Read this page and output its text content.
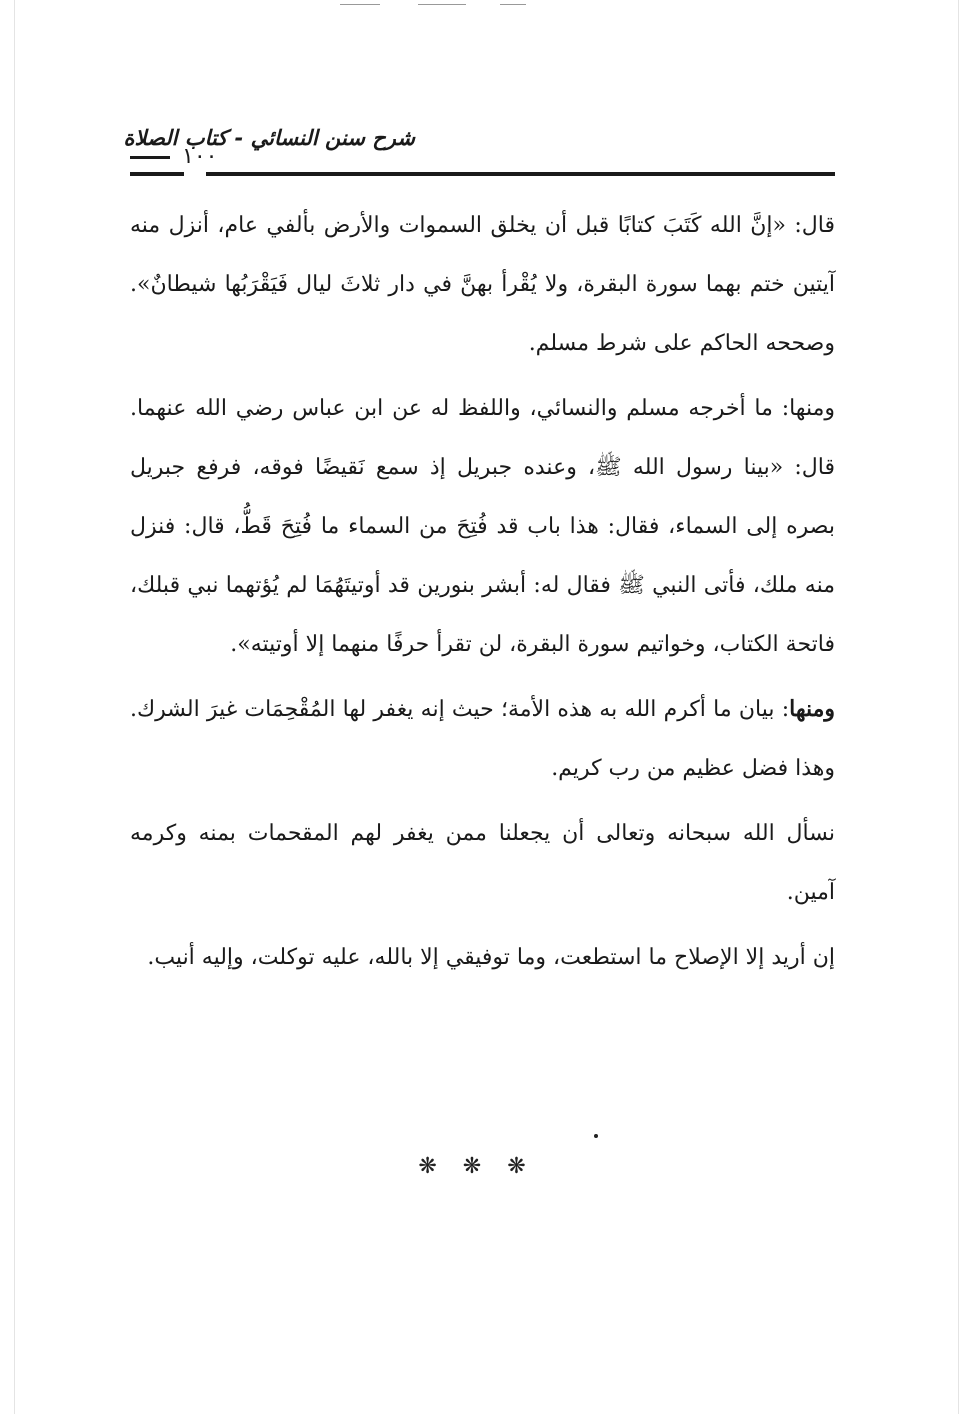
شرح سنن النسائي - كتاب الصلاة
١٠٠

قال: «إنَّ الله كَتَبَ كتابًا قبل أن يخلق السموات والأرض بألفي عام، أنزل منه آيتين ختم بهما سورة البقرة، ولا يُقْرأ بهنَّ في دار ثلاثَ ليال فَيَقْرَبُها شيطانٌ». وصححه الحاكم على شرط مسلم.

ومنها: ما أخرجه مسلم والنسائي، واللفظ له عن ابن عباس رضي الله عنهما. قال: «بينا رسول الله ﷺ، وعنده جبريل إذ سمع نَقيضًا فوقه، فرفع جبريل بصره إلى السماء، فقال: هذا باب قد فُتِحَ من السماء ما فُتِحَ قَطُّ، قال: فنزل منه ملك، فأتى النبي ﷺ فقال له: أبشر بنورين قد أوتيتَهُمَا لم يُؤتهما نبي قبلك، فاتحة الكتاب، وخواتيم سورة البقرة، لن تقرأ حرفًا منهما إلا أوتيته».

ومنها: بيان ما أكرم الله به هذه الأمة؛ حيث إنه يغفر لها المُقْحِمَات غيرَ الشرك. وهذا فضل عظيم من رب كريم.

نسأل الله سبحانه وتعالى أن يجعلنا ممن يغفر لهم المقحمات بمنه وكرمه آمين.

إن أريد إلا الإصلاح ما استطعت، وما توفيقي إلا بالله، عليه توكلت، وإليه أنيب.

❋❋❋
